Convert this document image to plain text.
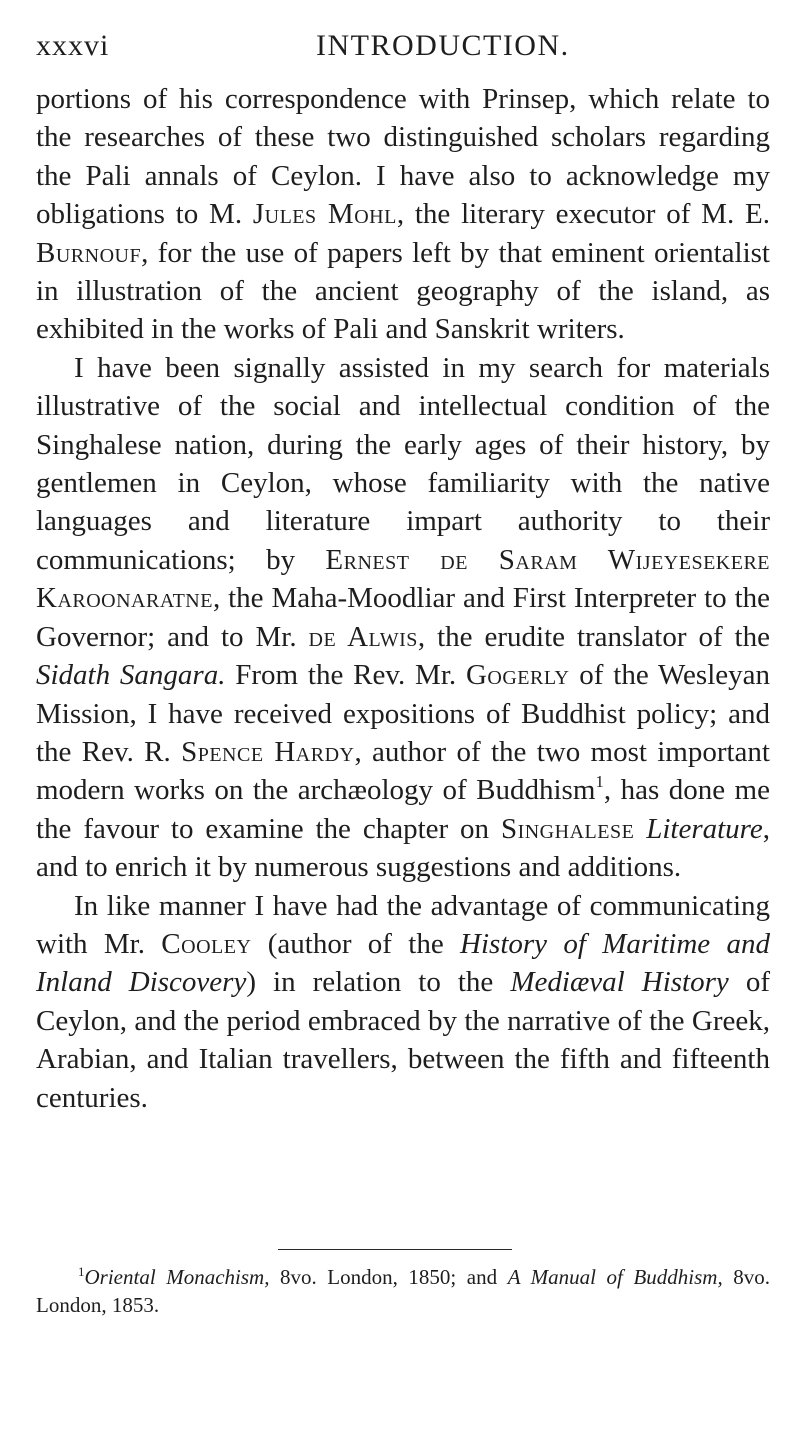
xxxvi	INTRODUCTION.

portions of his correspondence with Prinsep, which relate to the researches of these two distinguished scholars regarding the Pali annals of Ceylon. I have also to acknowledge my obligations to M. Jules Mohl, the literary executor of M. E. Burnouf, for the use of papers left by that eminent orientalist in illustration of the ancient geography of the island, as exhibited in the works of Pali and Sanskrit writers.

I have been signally assisted in my search for materials illustrative of the social and intellectual condition of the Singhalese nation, during the early ages of their history, by gentlemen in Ceylon, whose familiarity with the native languages and literature impart authority to their communications; by Ernest de Saram Wijeyesekere Karoonaratne, the Maha-Moodliar and First Interpreter to the Governor; and to Mr. de Alwis, the erudite translator of the Sidath Sangara. From the Rev. Mr. Gogerly of the Wesleyan Mission, I have received expositions of Buddhist policy; and the Rev. R. Spence Hardy, author of the two most important modern works on the archæology of Buddhism$^1$, has done me the favour to examine the chapter on Singhalese Literature, and to enrich it by numerous suggestions and additions.

In like manner I have had the advantage of communicating with Mr. Cooley (author of the History of Maritime and Inland Discovery) in relation to the Mediæval History of Ceylon, and the period embraced by the narrative of the Greek, Arabian, and Italian travellers, between the fifth and fifteenth centuries.

$^1$Oriental Monachism, 8vo. London, 1850; and A Manual of Buddhism, 8vo. London, 1853.
